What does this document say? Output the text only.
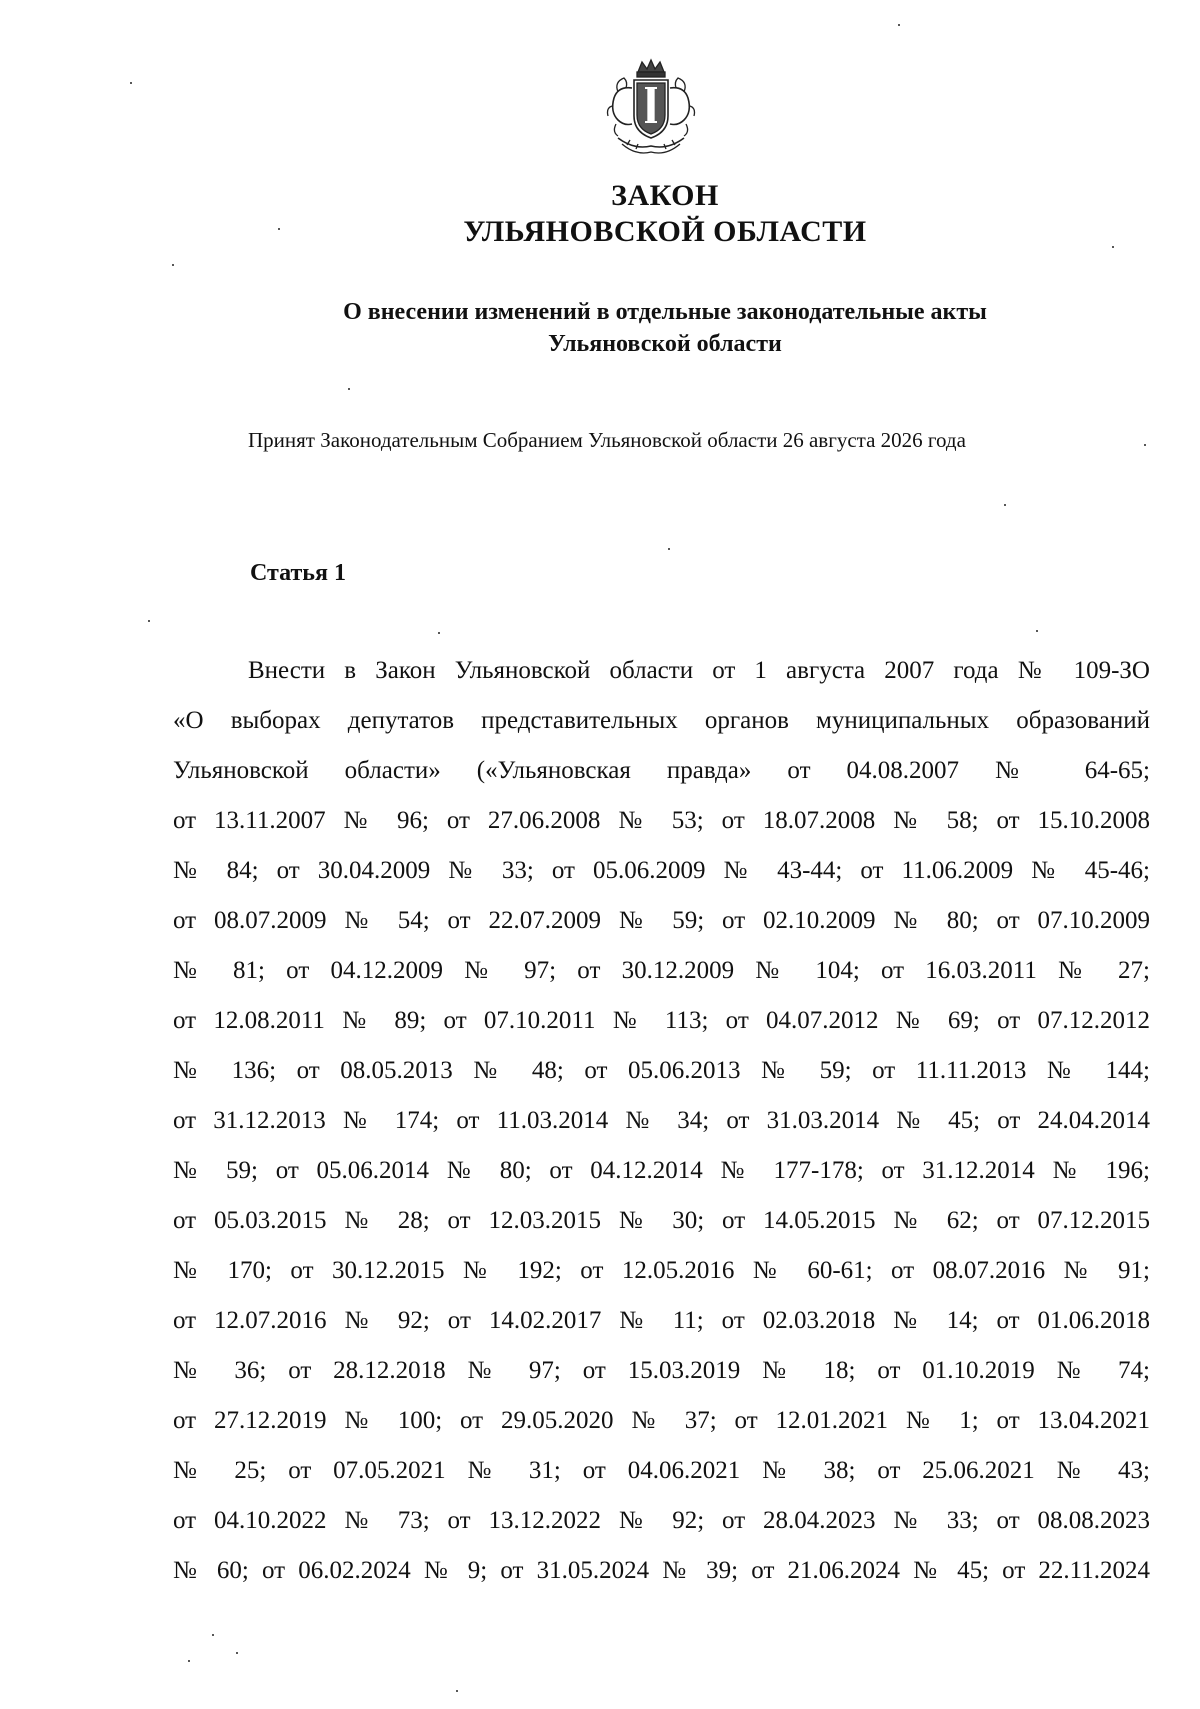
ЗАКОН
УЛЬЯНОВСКОЙ ОБЛАСТИ
О внесении изменений в отдельные законодательные акты
Ульяновской области
Принят Законодательным Собранием Ульяновской области 26 августа 2026 года
Статья 1
Внести в Закон Ульяновской области от 1 августа 2007 года № 109-ЗО
«О выборах депутатов представительных органов муниципальных образований
Ульяновской области» («Ульяновская правда» от 04.08.2007 № 64-65;
от 13.11.2007 № 96; от 27.06.2008 № 53; от 18.07.2008 № 58; от 15.10.2008
№ 84; от 30.04.2009 № 33; от 05.06.2009 № 43-44; от 11.06.2009 № 45-46;
от 08.07.2009 № 54; от 22.07.2009 № 59; от 02.10.2009 № 80; от 07.10.2009
№ 81; от 04.12.2009 № 97; от 30.12.2009 № 104; от 16.03.2011 № 27;
от 12.08.2011 № 89; от 07.10.2011 № 113; от 04.07.2012 № 69; от 07.12.2012
№ 136; от 08.05.2013 № 48; от 05.06.2013 № 59; от 11.11.2013 № 144;
от 31.12.2013 № 174; от 11.03.2014 № 34; от 31.03.2014 № 45; от 24.04.2014
№ 59; от 05.06.2014 № 80; от 04.12.2014 № 177-178; от 31.12.2014 № 196;
от 05.03.2015 № 28; от 12.03.2015 № 30; от 14.05.2015 № 62; от 07.12.2015
№ 170; от 30.12.2015 № 192; от 12.05.2016 № 60-61; от 08.07.2016 № 91;
от 12.07.2016 № 92; от 14.02.2017 № 11; от 02.03.2018 № 14; от 01.06.2018
№ 36; от 28.12.2018 № 97; от 15.03.2019 № 18; от 01.10.2019 № 74;
от 27.12.2019 № 100; от 29.05.2020 № 37; от 12.01.2021 № 1; от 13.04.2021
№ 25; от 07.05.2021 № 31; от 04.06.2021 № 38; от 25.06.2021 № 43;
от 04.10.2022 № 73; от 13.12.2022 № 92; от 28.04.2023 № 33; от 08.08.2023
№ 60; от 06.02.2024 № 9; от 31.05.2024 № 39; от 21.06.2024 № 45; от 22.11.2024
